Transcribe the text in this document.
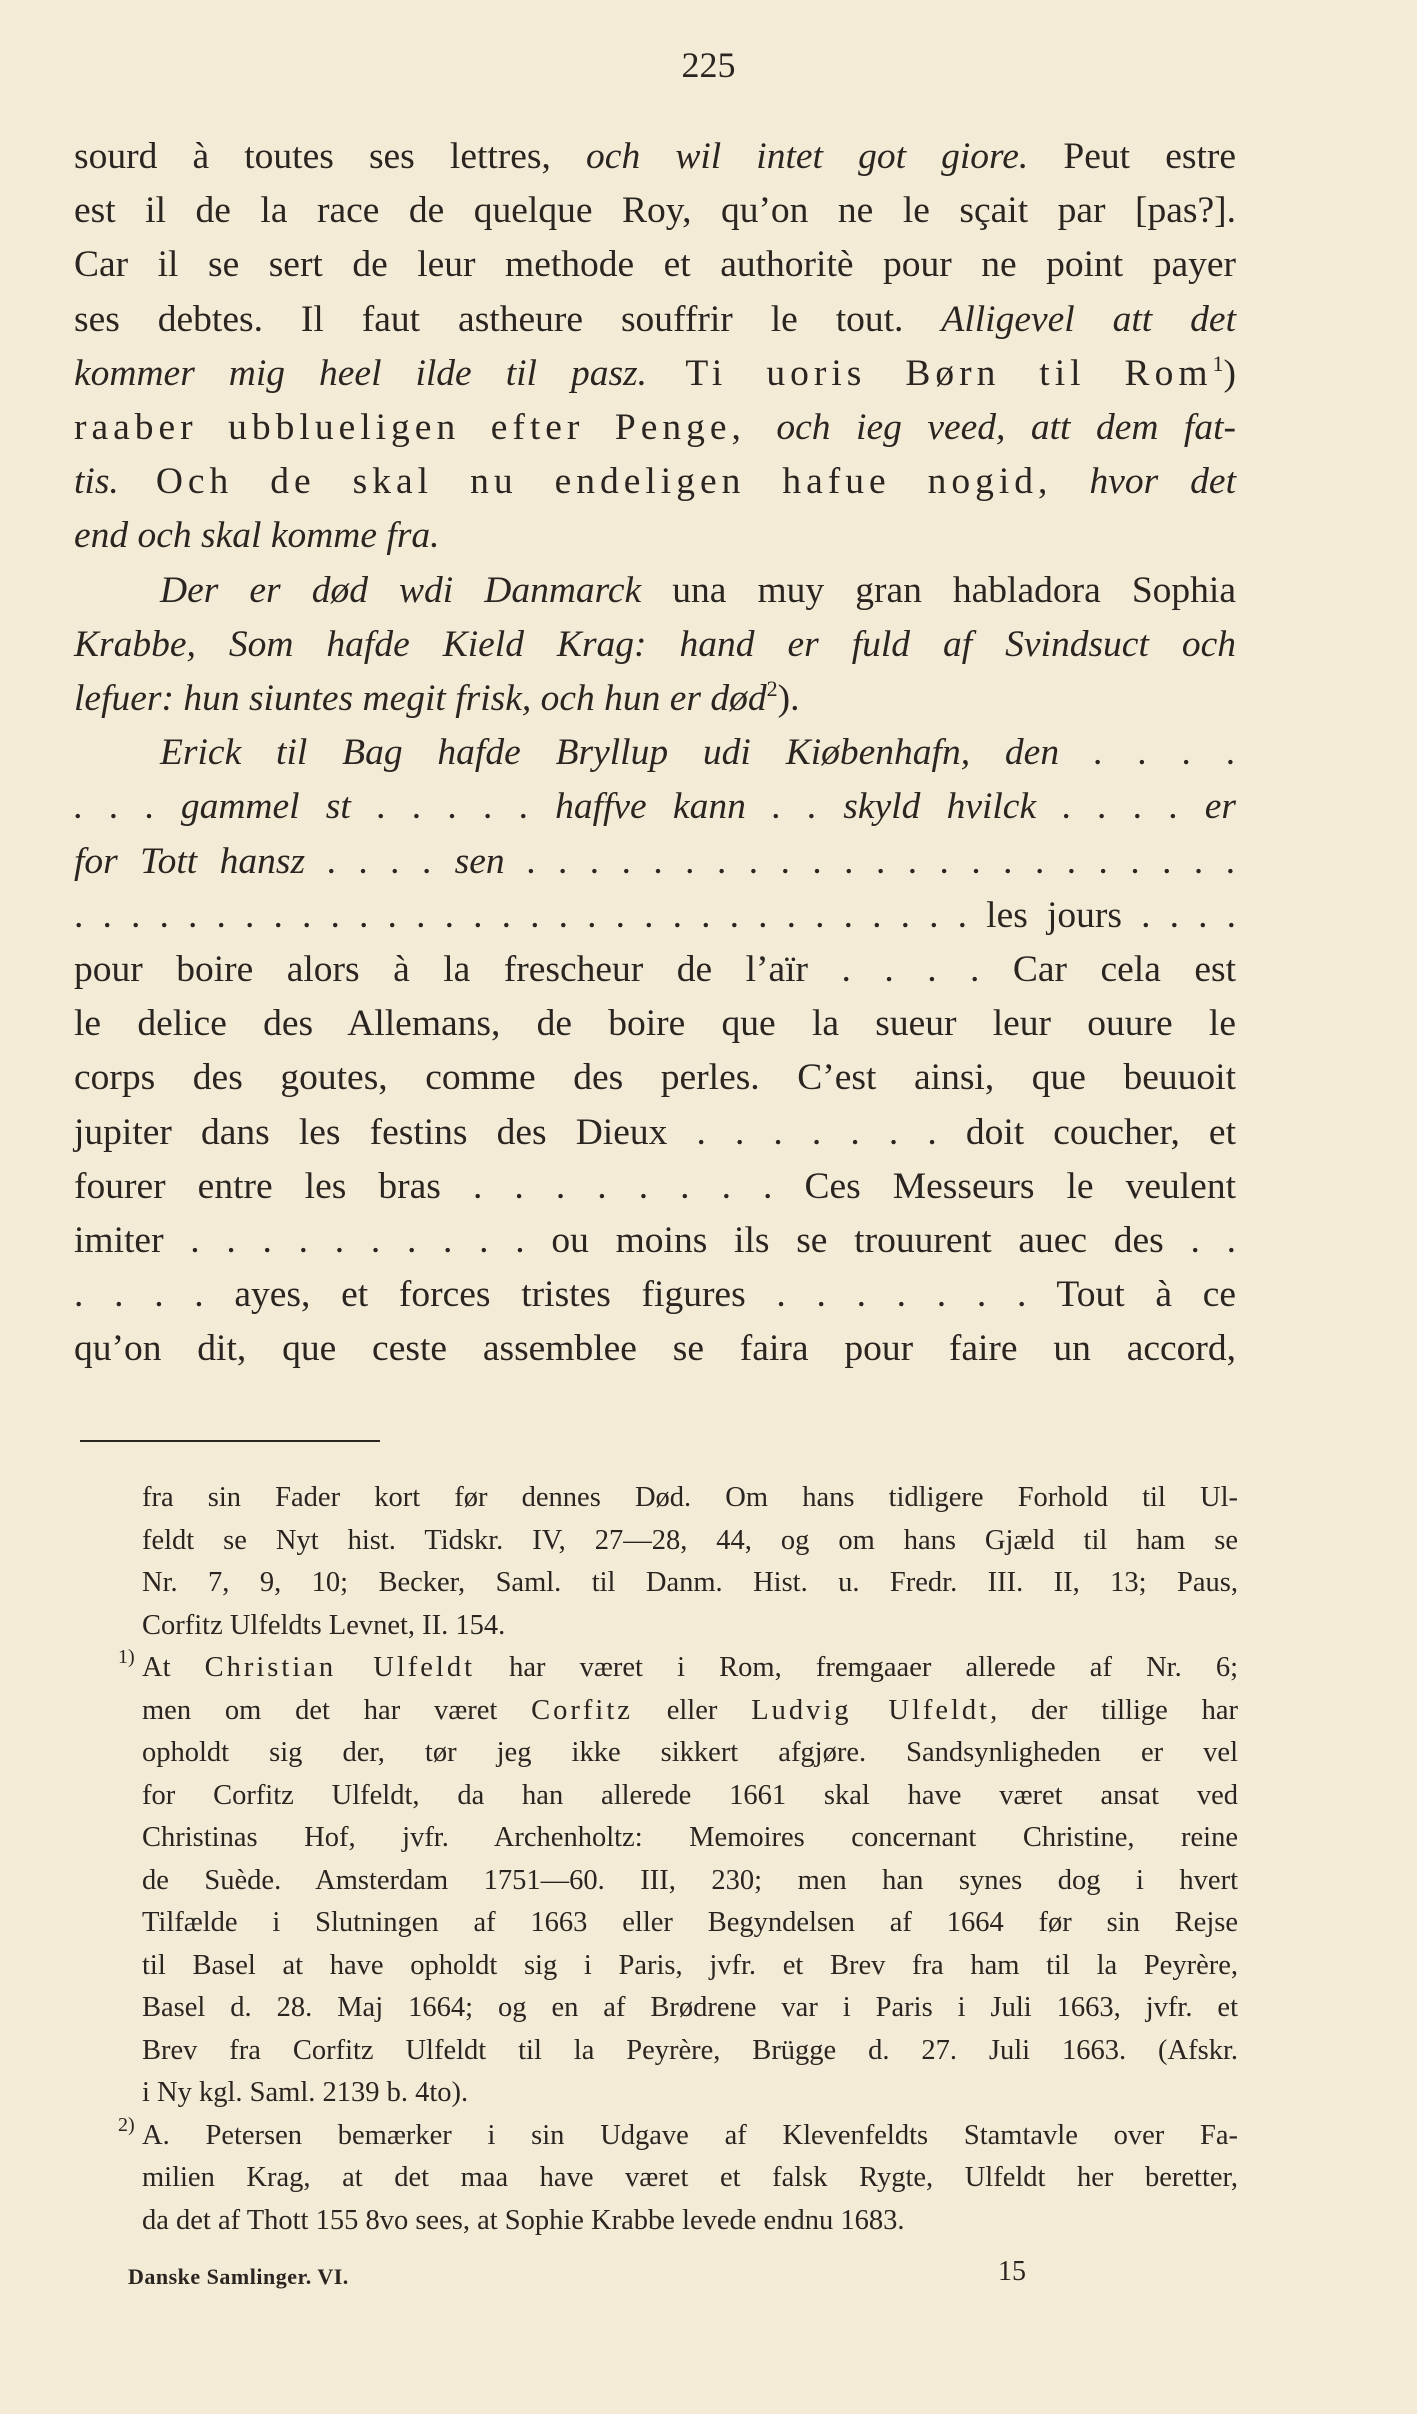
225
sourd à toutes ses lettres, och wil intet got giore. Peut estre
est il de la race de quelque Roy, qu’on ne le sçait par [pas?].
Car il se sert de leur methode et authoritè pour ne point payer
ses debtes. Il faut astheure souffrir le tout. Alligevel att det
kommer mig heel ilde til pasz. Ti uoris Børn til Rom$^1$)
raaber ubblueligen efter Penge, och ieg veed, att dem fat-
tis. Och de skal nu endeligen hafue nogid, hvor det
end och skal komme fra.
Der er død wdi Danmarck una muy gran habladora Sophia
Krabbe, Som hafde Kield Krag: hand er fuld af Svindsuct och
lefuer: hun siuntes megit frisk, och hun er død$^2$).
Erick til Bag hafde Bryllup udi Kiøbenhafn, den . . . .
. . . gammel st . . . . . haffve kann . . skyld hvilck . . . . er
for Tott hansz . . . . sen . . . . . . . . . . . . . . . . . . . . . . .
. . . . . . . . . . . . . . . . . . . . . . . . . . . . . . . . les jours . . . .
pour boire alors à la frescheur de l’aïr . . . . Car cela est
le delice des Allemans, de boire que la sueur leur ouure le
corps des goutes, comme des perles. C’est ainsi, que beuuoit
jupiter dans les festins des Dieux . . . . . . . doit coucher, et
fourer entre les bras . . . . . . . . Ces Messeurs le veulent
imiter . . . . . . . . . . ou moins ils se trouurent auec des . .
. . . . ayes, et forces tristes figures . . . . . . . Tout à ce
qu’on dit, que ceste assemblee se faira pour faire un accord,
fra sin Fader kort før dennes Død. Om hans tidligere Forhold til Ul-
feldt se Nyt hist. Tidskr. IV, 27—28, 44, og om hans Gjæld til ham se
Nr. 7, 9, 10; Becker, Saml. til Danm. Hist. u. Fredr. III. II, 13; Paus,
Corfitz Ulfeldts Levnet, II. 154.
1) At Christian Ulfeldt har været i Rom, fremgaaer allerede af Nr. 6;
men om det har været Corfitz eller Ludvig Ulfeldt, der tillige har
opholdt sig der, tør jeg ikke sikkert afgjøre. Sandsynligheden er vel
for Corfitz Ulfeldt, da han allerede 1661 skal have været ansat ved
Christinas Hof, jvfr. Archenholtz: Memoires concernant Christine, reine
de Suède. Amsterdam 1751—60. III, 230; men han synes dog i hvert
Tilfælde i Slutningen af 1663 eller Begyndelsen af 1664 før sin Rejse
til Basel at have opholdt sig i Paris, jvfr. et Brev fra ham til la Peyrère,
Basel d. 28. Maj 1664; og en af Brødrene var i Paris i Juli 1663, jvfr. et
Brev fra Corfitz Ulfeldt til la Peyrère, Brügge d. 27. Juli 1663. (Afskr.
i Ny kgl. Saml. 2139 b. 4to).
2) A. Petersen bemærker i sin Udgave af Klevenfeldts Stamtavle over Fa-
milien Krag, at det maa have været et falsk Rygte, Ulfeldt her beretter,
da det af Thott 155 8vo sees, at Sophie Krabbe levede endnu 1683.
Danske Samlinger. VI.	15
